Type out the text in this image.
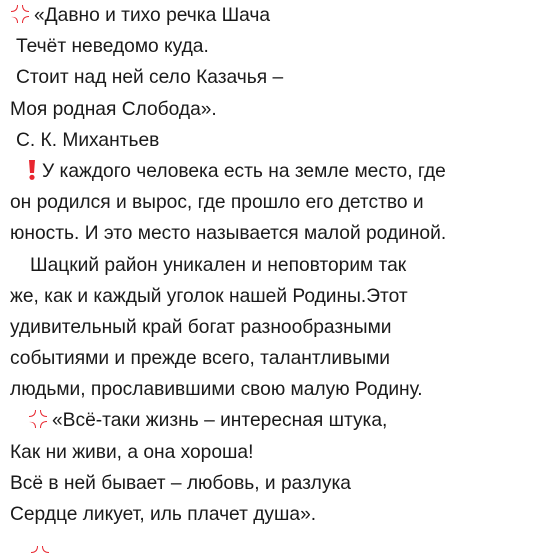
«Давно и тихо речка Шача
Течёт неведомо куда.
Стоит над ней село Казачья –
Моя родная Слобода».
С. К. Михантьев
У каждого человека есть на земле место, где
он родился и вырос, где прошло его детство и
юность. И это место называется малой родиной.
Шацкий район уникален и неповторим так
же, как и каждый уголок нашей Родины.Этот
удивительный край богат разнообразными
событиями и прежде всего, талантливыми
людьми, прославившими свою малую Родину.
«Всё-таки жизнь – интересная штука,
Как ни живи, а она хороша!
Всё в ней бывает – любовь, и разлука
Сердце ликует, иль плачет душа».
